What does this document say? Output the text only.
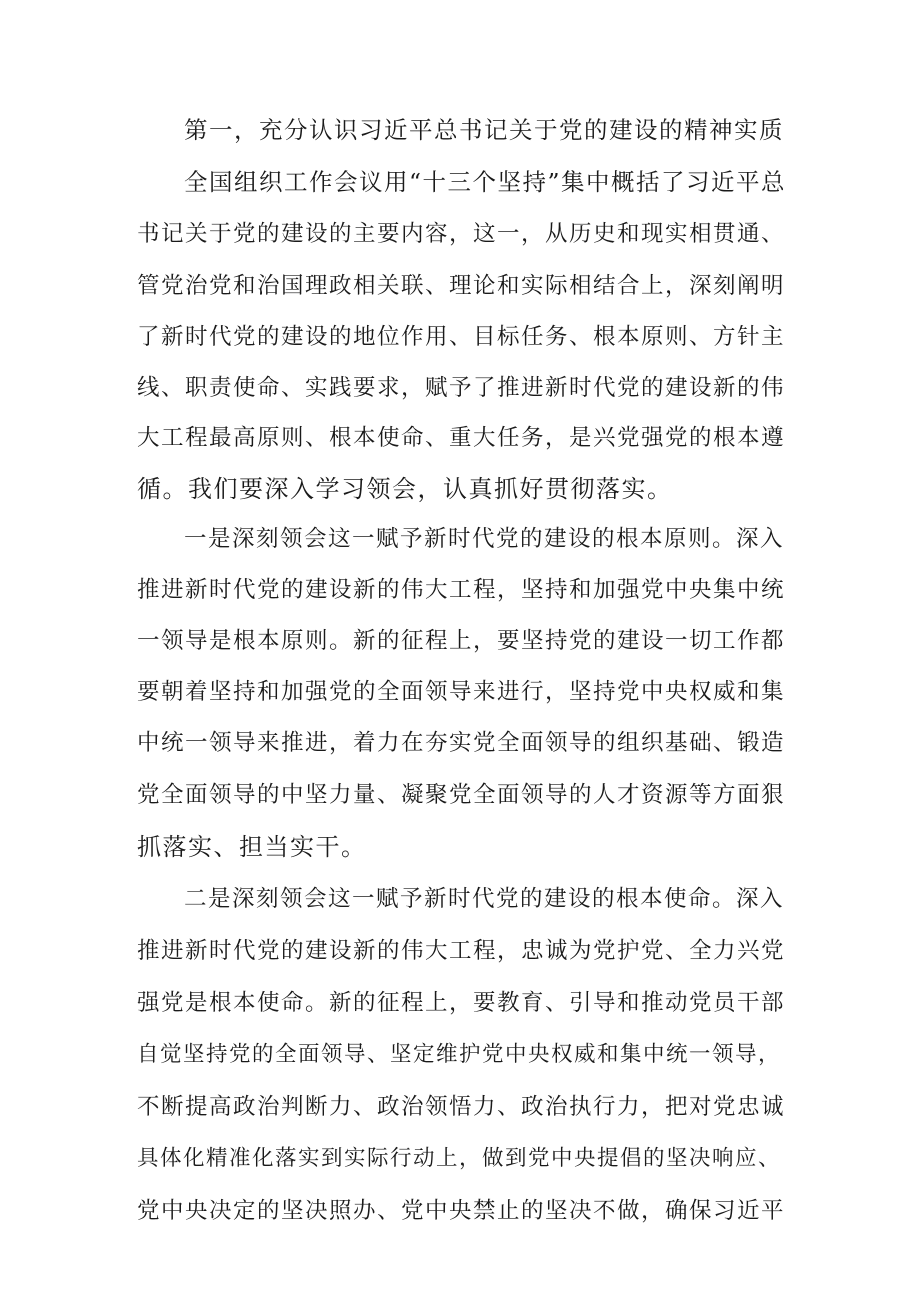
第一，充分认识习近平总书记关于党的建设的精神实质
全国组织工作会议用“十三个坚持”集中概括了习近平总
书记关于党的建设的主要内容，这一，从历史和现实相贯通、
管党治党和治国理政相关联、理论和实际相结合上，深刻阐明
了新时代党的建设的地位作用、目标任务、根本原则、方针主
线、职责使命、实践要求，赋予了推进新时代党的建设新的伟
大工程最高原则、根本使命、重大任务，是兴党强党的根本遵
循。我们要深入学习领会，认真抓好贯彻落实。
一是深刻领会这一赋予新时代党的建设的根本原则。深入
推进新时代党的建设新的伟大工程，坚持和加强党中央集中统
一领导是根本原则。新的征程上，要坚持党的建设一切工作都
要朝着坚持和加强党的全面领导来进行，坚持党中央权威和集
中统一领导来推进，着力在夯实党全面领导的组织基础、锻造
党全面领导的中坚力量、凝聚党全面领导的人才资源等方面狠
抓落实、担当实干。
二是深刻领会这一赋予新时代党的建设的根本使命。深入
推进新时代党的建设新的伟大工程，忠诚为党护党、全力兴党
强党是根本使命。新的征程上，要教育、引导和推动党员干部
自觉坚持党的全面领导、坚定维护党中央权威和集中统一领导，
不断提高政治判断力、政治领悟力、政治执行力，把对党忠诚
具体化精准化落实到实际行动上，做到党中央提倡的坚决响应、
党中央决定的坚决照办、党中央禁止的坚决不做，确保习近平
